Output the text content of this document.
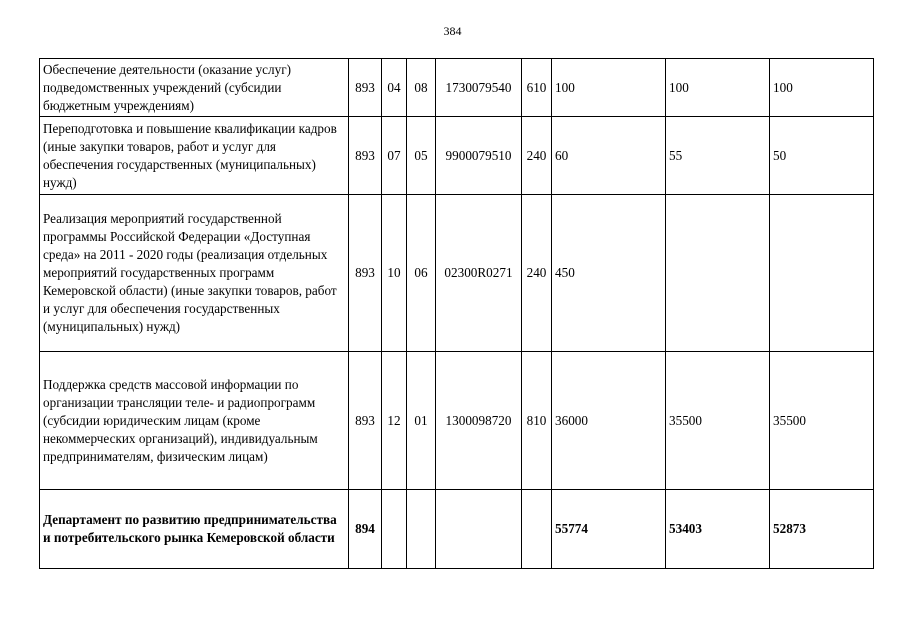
384
Обеспечение деятельности (оказание услуг) подведомственных учреждений (субсидии бюджетным учреждениям)	893	04	08	1730079540	610	100	100	100
Переподготовка и повышение квалификации кадров (иные закупки товаров, работ и услуг для обеспечения государственных (муниципальных) нужд)	893	07	05	9900079510	240	60	55	50
Реализация мероприятий государственной программы Российской Федерации «Доступная среда» на 2011 - 2020 годы (реализация отдельных мероприятий государственных программ Кемеровской области) (иные закупки товаров, работ и услуг для обеспечения государственных (муниципальных) нужд)	893	10	06	02300R0271	240	450		
Поддержка средств массовой информации по организации трансляции теле- и радиопрограмм (субсидии юридическим лицам (кроме некоммерческих организаций), индивидуальным предпринимателям, физическим лицам)	893	12	01	1300098720	810	36000	35500	35500
Департамент по развитию предпринимательства и потребительского рынка Кемеровской области	894					55774	53403	52873
